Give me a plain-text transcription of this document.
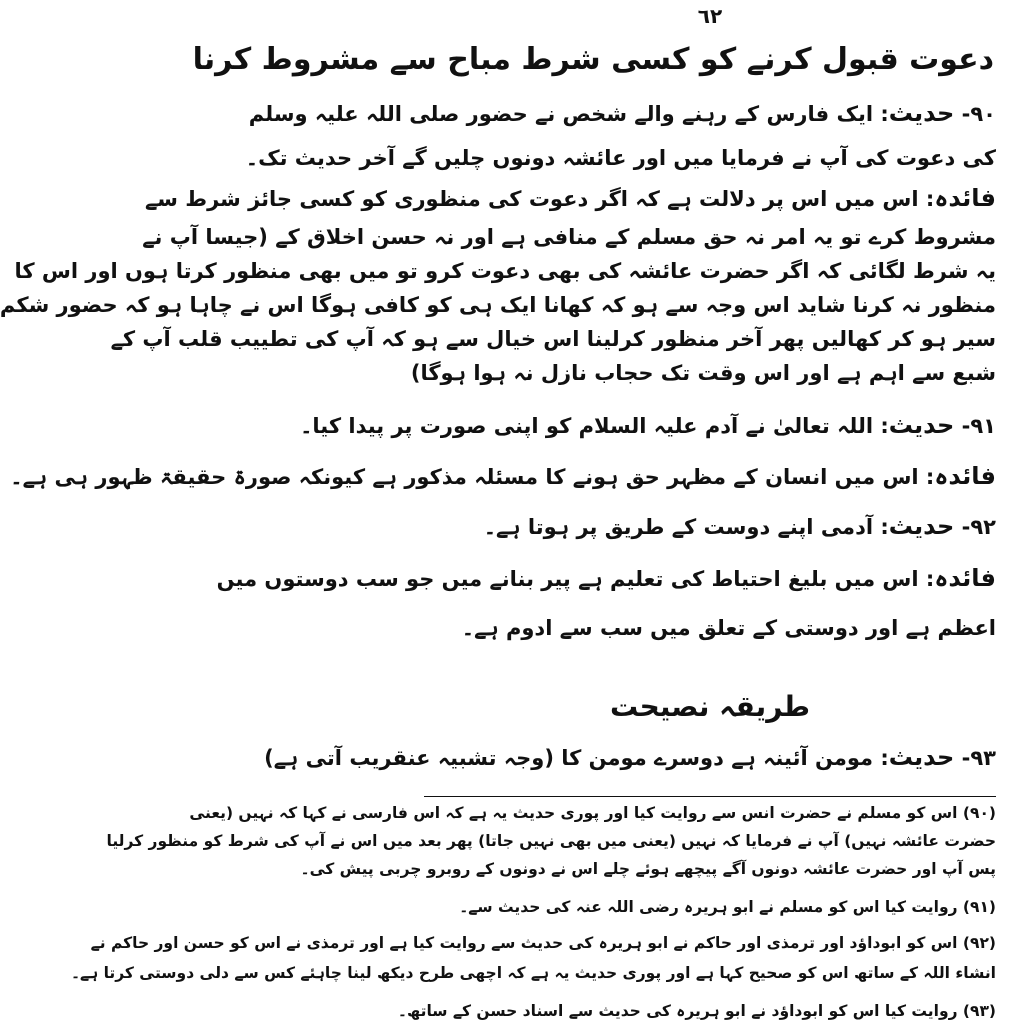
٦٢
دعوت قبول کرنے کو کسی شرط مباح سے مشروط کرنا
٩٠- حدیث: ایک فارس کے رہنے والے شخص نے حضور صلی اللہ علیہ وسلم
کی دعوت کی آپ نے فرمایا میں اور عائشہ دونوں چلیں گے آخر حدیث تک۔
فائدہ: اس میں اس پر دلالت ہے کہ اگر دعوت کی منظوری کو کسی جائز شرط سے
مشروط کرے تو یہ امر نہ حق مسلم کے منافی ہے اور نہ حسن اخلاق کے (جیسا آپ نے
یہ شرط لگائی کہ اگر حضرت عائشہ کی بھی دعوت کرو تو میں بھی منظور کرتا ہوں اور اس کا
منظور نہ کرنا شاید اس وجہ سے ہو کہ کھانا ایک ہی کو کافی ہوگا اس نے چاہا ہو کہ حضور شکم
سیر ہو کر کھالیں پھر آخر منظور کرلینا اس خیال سے ہو کہ آپ کی تطییب قلب آپ کے
شبع سے اہم ہے اور اس وقت تک حجاب نازل نہ ہوا ہوگا)
٩١- حدیث: اللہ تعالیٰ نے آدم علیہ السلام کو اپنی صورت پر پیدا کیا۔
فائدہ: اس میں انسان کے مظہر حق ہونے کا مسئلہ مذکور ہے کیونکہ صورۃ حقیقۃ ظہور ہی ہے۔
٩٢- حدیث: آدمی اپنے دوست کے طریق پر ہوتا ہے۔
فائدہ: اس میں بلیغ احتیاط کی تعلیم ہے پیر بنانے میں جو سب دوستوں میں
اعظم ہے اور دوستی کے تعلق میں سب سے ادوم ہے۔
طریقہ نصیحت
٩٣- حدیث: مومن آئینہ ہے دوسرے مومن کا (وجہ تشبیہ عنقریب آتی ہے)
(٩٠) اس کو مسلم نے حضرت انس سے روایت کیا اور پوری حدیث یہ ہے کہ اس فارسی نے کہا کہ نہیں (یعنی
حضرت عائشہ نہیں) آپ نے فرمایا کہ نہیں (یعنی میں بھی نہیں جاتا) پھر بعد میں اس نے آپ کی شرط کو منظور کرلیا
پس آپ اور حضرت عائشہ دونوں آگے پیچھے ہوئے چلے اس نے دونوں کے روبرو چربی پیش کی۔
(٩١) روایت کیا اس کو مسلم نے ابو ہریرہ رضی اللہ عنہ کی حدیث سے۔
(٩٢) اس کو ابوداؤد اور ترمذی اور حاکم نے ابو ہریرہ کی حدیث سے روایت کیا ہے اور ترمذی نے اس کو حسن اور حاکم نے
انشاء اللہ کے ساتھ اس کو صحیح کہا ہے اور پوری حدیث یہ ہے کہ اچھی طرح دیکھ لینا چاہئے کس سے دلی دوستی کرتا ہے۔
(٩٣) روایت کیا اس کو ابوداؤد نے ابو ہریرہ کی حدیث سے اسناد حسن کے ساتھ۔
